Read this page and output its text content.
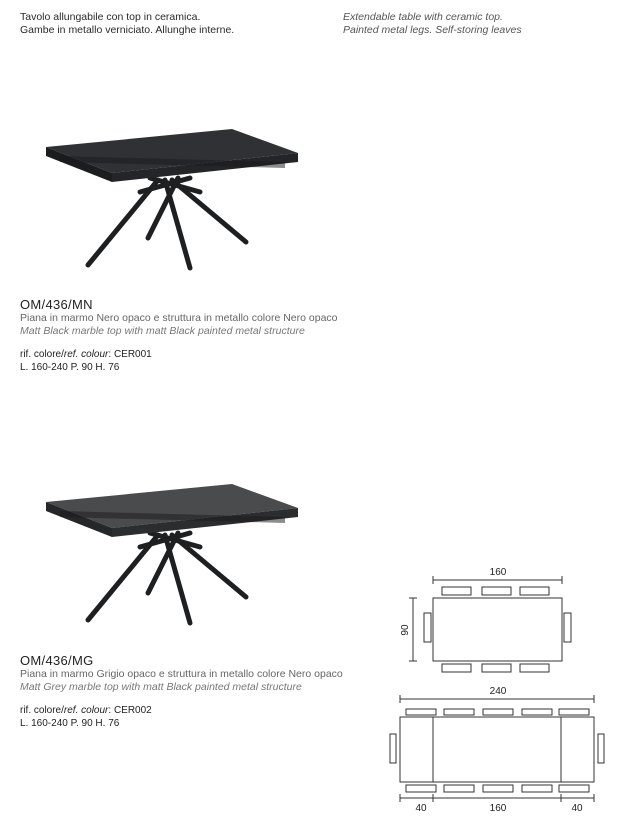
Tavolo allungabile con top in ceramica.
Gambe in metallo verniciato. Allunghe interne.
Extendable table with ceramic top.
Painted metal legs. Self-storing leaves
OM/436/MN
Piana in marmo Nero opaco e struttura in metallo colore Nero opaco
Matt Black marble top with matt Black painted metal structure
rif. colore/ref. colour: CER001
L. 160-240 P. 90 H. 76
OM/436/MG
Piana in marmo Grigio opaco e struttura in metallo colore Nero opaco
Matt Grey marble top with matt Black painted metal structure
rif. colore/ref. colour: CER002
L. 160-240 P. 90 H. 76
160
90
240
40	160	40
